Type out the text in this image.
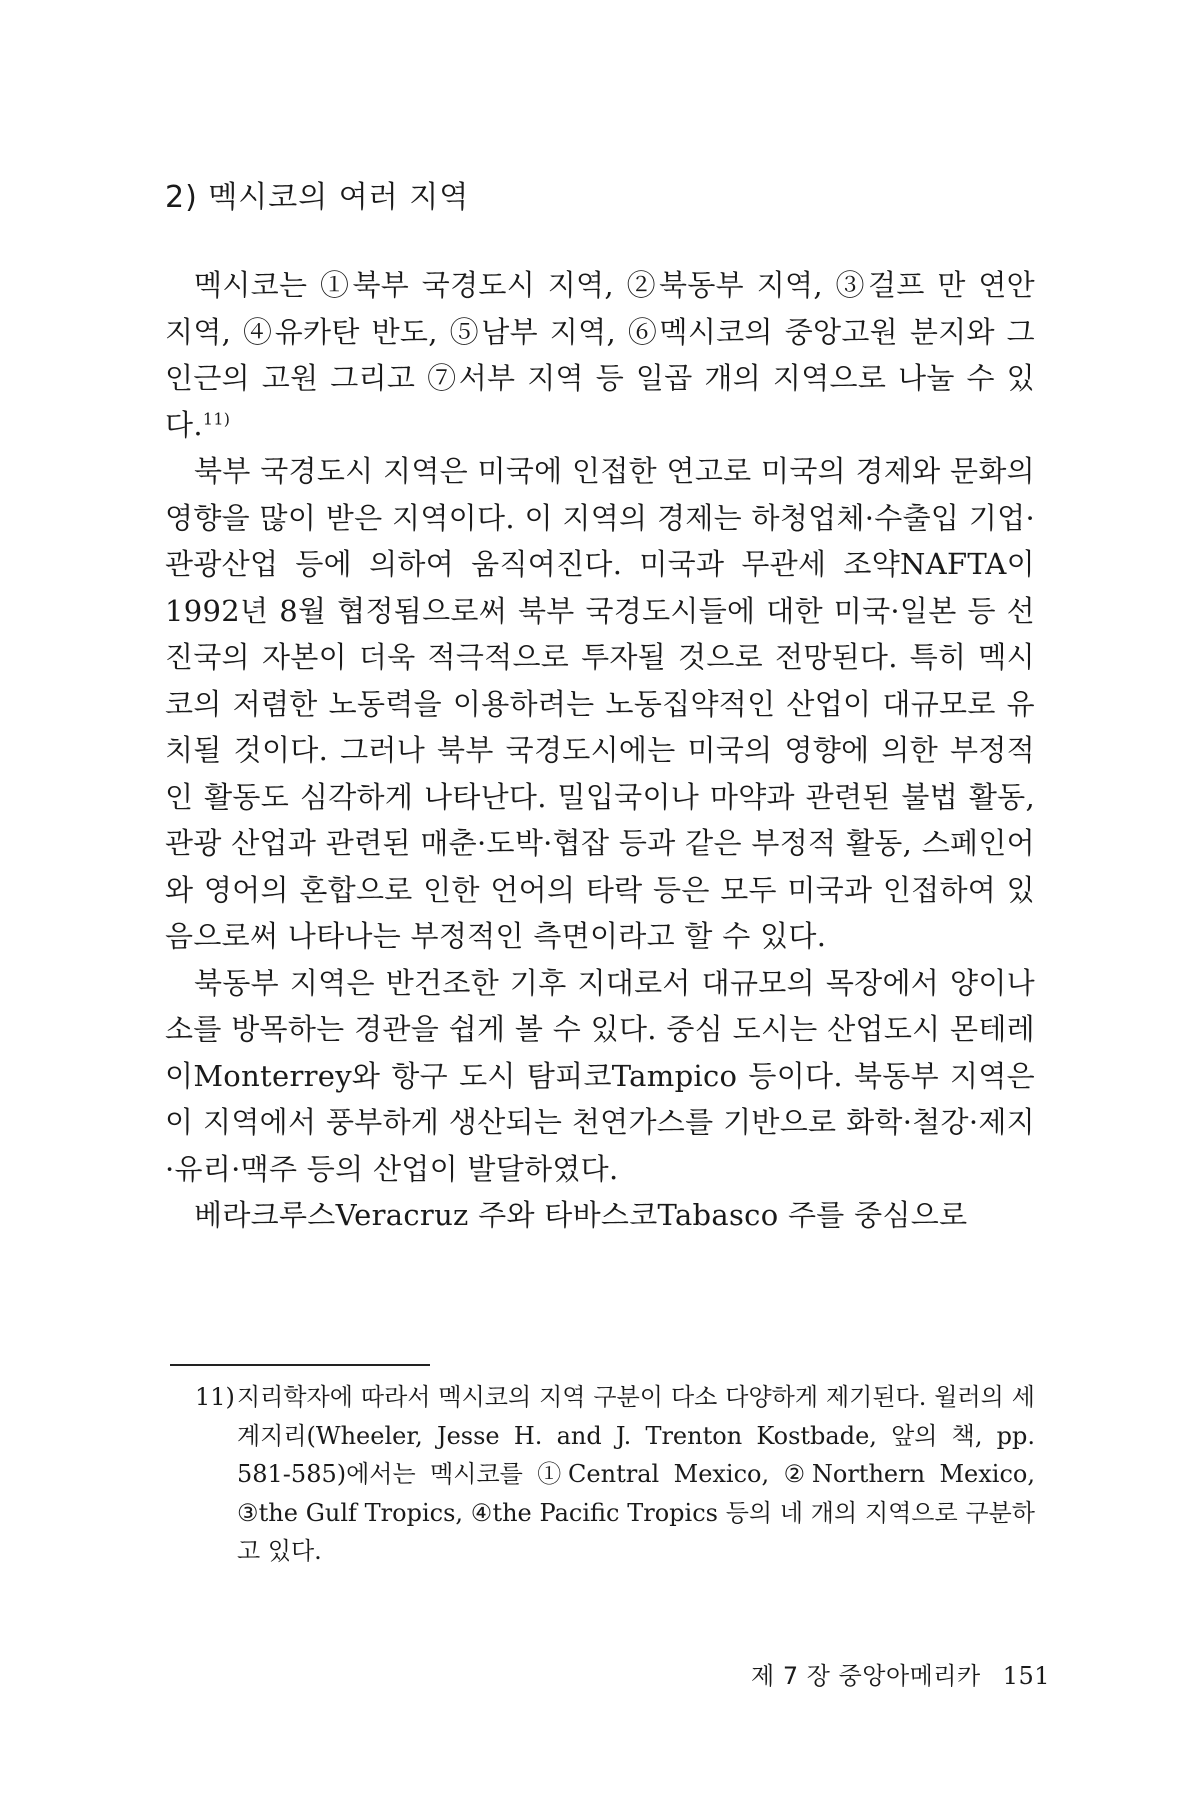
2) 멕시코의 여러 지역

멕시코는 ①북부 국경도시 지역, ②북동부 지역, ③걸프 만 연안 지역, ④유카탄 반도, ⑤남부 지역, ⑥멕시코의 중앙고원 분지와 그 인근의 고원 그리고 ⑦서부 지역 등 일곱 개의 지역으로 나눌 수 있다.$^{11)}$

북부 국경도시 지역은 미국에 인접한 연고로 미국의 경제와 문화의 영향을 많이 받은 지역이다. 이 지역의 경제는 하청업체·수출입 기업·관광산업 등에 의하여 움직여진다. 미국과 무관세 조약NAFTA이 1992년 8월 협정됨으로써 북부 국경도시들에 대한 미국·일본 등 선진국의 자본이 더욱 적극적으로 투자될 것으로 전망된다. 특히 멕시코의 저렴한 노동력을 이용하려는 노동집약적인 산업이 대규모로 유치될 것이다. 그러나 북부 국경도시에는 미국의 영향에 의한 부정적인 활동도 심각하게 나타난다. 밀입국이나 마약과 관련된 불법 활동, 관광 산업과 관련된 매춘·도박·협잡 등과 같은 부정적 활동, 스페인어와 영어의 혼합으로 인한 언어의 타락 등은 모두 미국과 인접하여 있음으로써 나타나는 부정적인 측면이라고 할 수 있다.

북동부 지역은 반건조한 기후 지대로서 대규모의 목장에서 양이나 소를 방목하는 경관을 쉽게 볼 수 있다. 중심 도시는 산업도시 몬테레이Monterrey와 항구 도시 탐피코Tampico 등이다. 북동부 지역은 이 지역에서 풍부하게 생산되는 천연가스를 기반으로 화학·철강·제지·유리·맥주 등의 산업이 발달하였다.

베라크루스Veracruz 주와 타바스코Tabasco 주를 중심으로

11)지리학자에 따라서 멕시코의 지역 구분이 다소 다양하게 제기된다. 윌러의 세계지리(Wheeler, Jesse H. and J. Trenton Kostbade, 앞의 책, pp. 581-585)에서는 멕시코를 ①Central Mexico, ②Northern Mexico, ③the Gulf Tropics, ④the Pacific Tropics 등의 네 개의 지역으로 구분하고 있다.
제 7 장 중앙아메리카 151
